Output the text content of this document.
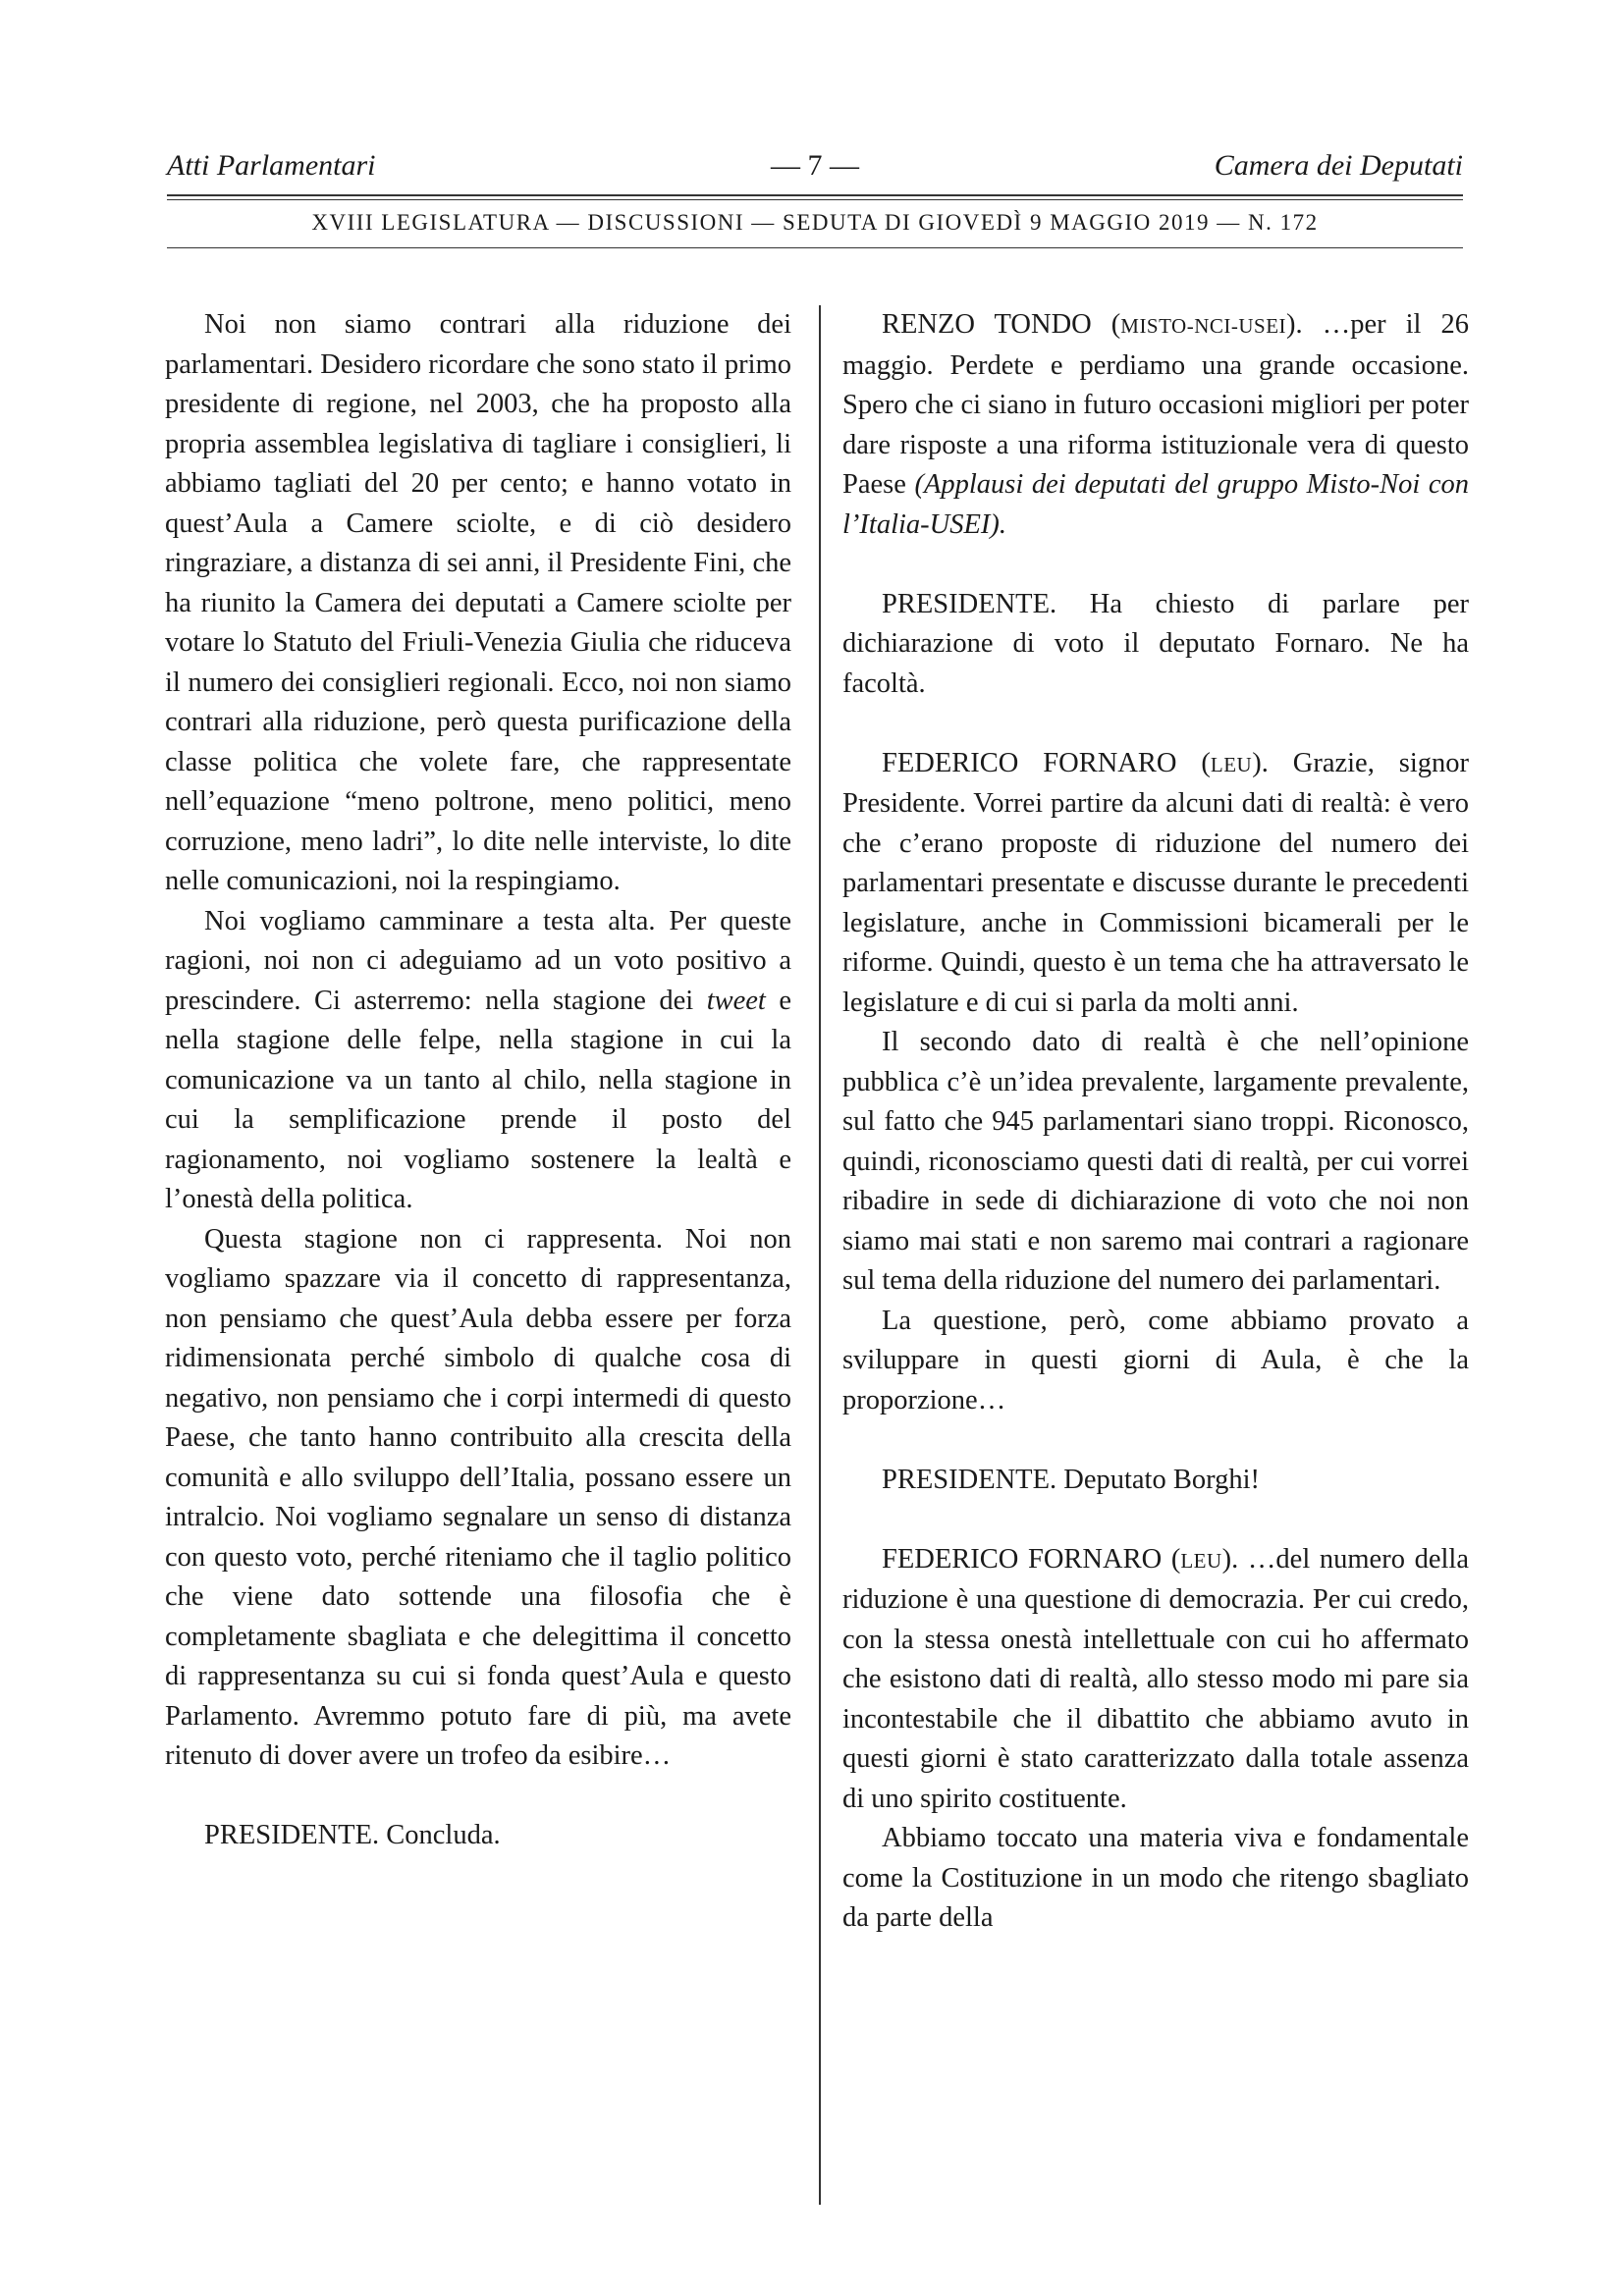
Atti Parlamentari	— 7 —	Camera dei Deputati
XVIII LEGISLATURA — DISCUSSIONI — SEDUTA DI GIOVEDÌ 9 MAGGIO 2019 — N. 172

Noi non siamo contrari alla riduzione dei parlamentari. Desidero ricordare che sono stato il primo presidente di regione, nel 2003, che ha proposto alla propria assemblea legislativa di tagliare i consiglieri, li abbiamo tagliati del 20 per cento; e hanno votato in quest’Aula a Camere sciolte, e di ciò desidero ringraziare, a distanza di sei anni, il Presidente Fini, che ha riunito la Camera dei deputati a Camere sciolte per votare lo Statuto del Friuli-Venezia Giulia che riduceva il numero dei consiglieri regionali. Ecco, noi non siamo contrari alla riduzione, però questa purificazione della classe politica che volete fare, che rappresentate nell’equazione “meno poltrone, meno politici, meno corruzione, meno ladri”, lo dite nelle interviste, lo dite nelle comunicazioni, noi la respingiamo.

Noi vogliamo camminare a testa alta. Per queste ragioni, noi non ci adeguiamo ad un voto positivo a prescindere. Ci asterremo: nella stagione dei tweet e nella stagione delle felpe, nella stagione in cui la comunicazione va un tanto al chilo, nella stagione in cui la semplificazione prende il posto del ragionamento, noi vogliamo sostenere la lealtà e l’onestà della politica.

Questa stagione non ci rappresenta. Noi non vogliamo spazzare via il concetto di rappresentanza, non pensiamo che quest’Aula debba essere per forza ridimensionata perché simbolo di qualche cosa di negativo, non pensiamo che i corpi intermedi di questo Paese, che tanto hanno contribuito alla crescita della comunità e allo sviluppo dell’Italia, possano essere un intralcio. Noi vogliamo segnalare un senso di distanza con questo voto, perché riteniamo che il taglio politico che viene dato sottende una filosofia che è completamente sbagliata e che delegittima il concetto di rappresentanza su cui si fonda quest’Aula e questo Parlamento. Avremmo potuto fare di più, ma avete ritenuto di dover avere un trofeo da esibire…

PRESIDENTE. Concluda.

RENZO TONDO (MISTO-NCI-USEI). …per il 26 maggio. Perdete e perdiamo una grande occasione. Spero che ci siano in futuro occasioni migliori per poter dare risposte a una riforma istituzionale vera di questo Paese (Applausi dei deputati del gruppo Misto-Noi con l’Italia-USEI).

PRESIDENTE. Ha chiesto di parlare per dichiarazione di voto il deputato Fornaro. Ne ha facoltà.

FEDERICO FORNARO (LEU). Grazie, signor Presidente. Vorrei partire da alcuni dati di realtà: è vero che c’erano proposte di riduzione del numero dei parlamentari presentate e discusse durante le precedenti legislature, anche in Commissioni bicamerali per le riforme. Quindi, questo è un tema che ha attraversato le legislature e di cui si parla da molti anni.

Il secondo dato di realtà è che nell’opinione pubblica c’è un’idea prevalente, largamente prevalente, sul fatto che 945 parlamentari siano troppi. Riconosco, quindi, riconosciamo questi dati di realtà, per cui vorrei ribadire in sede di dichiarazione di voto che noi non siamo mai stati e non saremo mai contrari a ragionare sul tema della riduzione del numero dei parlamentari.

La questione, però, come abbiamo provato a sviluppare in questi giorni di Aula, è che la proporzione…

PRESIDENTE. Deputato Borghi!

FEDERICO FORNARO (LEU). …del numero della riduzione è una questione di democrazia. Per cui credo, con la stessa onestà intellettuale con cui ho affermato che esistono dati di realtà, allo stesso modo mi pare sia incontestabile che il dibattito che abbiamo avuto in questi giorni è stato caratterizzato dalla totale assenza di uno spirito costituente.

Abbiamo toccato una materia viva e fondamentale come la Costituzione in un modo che ritengo sbagliato da parte della
